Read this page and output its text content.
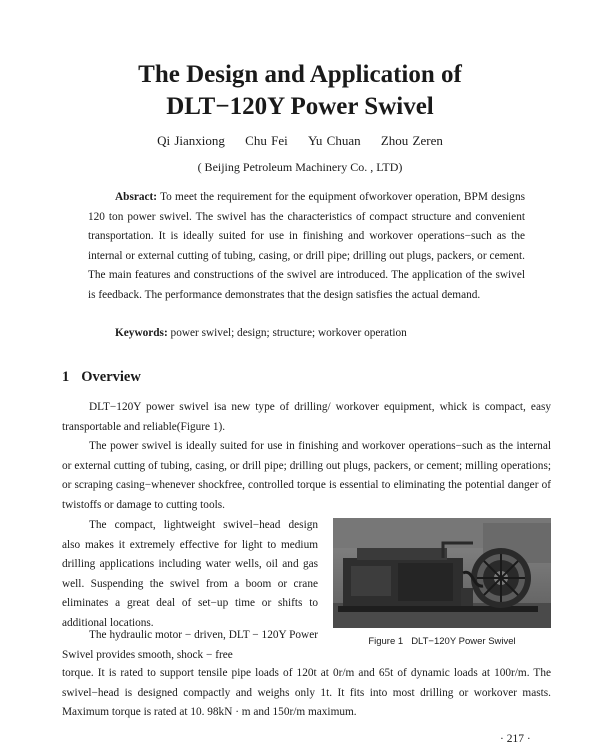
The Design and Application of
DLT−120Y Power Swivel
Qi Jianxiong Chu Fei Yu Chuan Zhou Zeren
( Beijing Petroleum Machinery Co. , LTD)

Absract: To meet the requirement for the equipment ofworkover operation, BPM designs 120 ton power swivel. The swivel has the characteristics of compact structure and convenient transportation. It is ideally suited for use in finishing and workover operations−such as the internal or external cutting of tubing, casing, or drill pipe; drilling out plugs, packers, or cement. The main features and constructions of the swivel are introduced. The application of the swivel is feedback. The performance demonstrates that the design satisfies the actual demand.

Keywords: power swivel; design; structure; workover operation

1 Overview

DLT−120Y power swivel isa new type of drilling/ workover equipment, whick is compact, easy transportable and reliable(Figure 1).

The power swivel is ideally suited for use in finishing and workover operations−such as the internal or external cutting of tubing, casing, or drill pipe; drilling out plugs, packers, or cement; milling operations; or scraping casing−whenever shockfree, controlled torque is essential to eliminating the potential danger of twistoffs or damage to cutting tools.

The compact, lightweight swivel−head design also makes it extremely effective for light to medium drilling applications including water wells, oil and gas well. Suspending the swivel from a boom or crane eliminates a great deal of set−up time or shifts to additional locations.

The hydraulic motor − driven, DLT − 120Y Power Swivel provides smooth, shock − free

torque. It is rated to support tensile pipe loads of 120t at 0r/m and 65t of dynamic loads at 100r/m. The swivel−head is designed compactly and weighs only 1t. It fits into most drilling or workover masts. Maximum torque is rated at 10. 98kN · m and 150r/m maximum.

Figure 1 DLT−120Y Power Swivel
· 217 ·
